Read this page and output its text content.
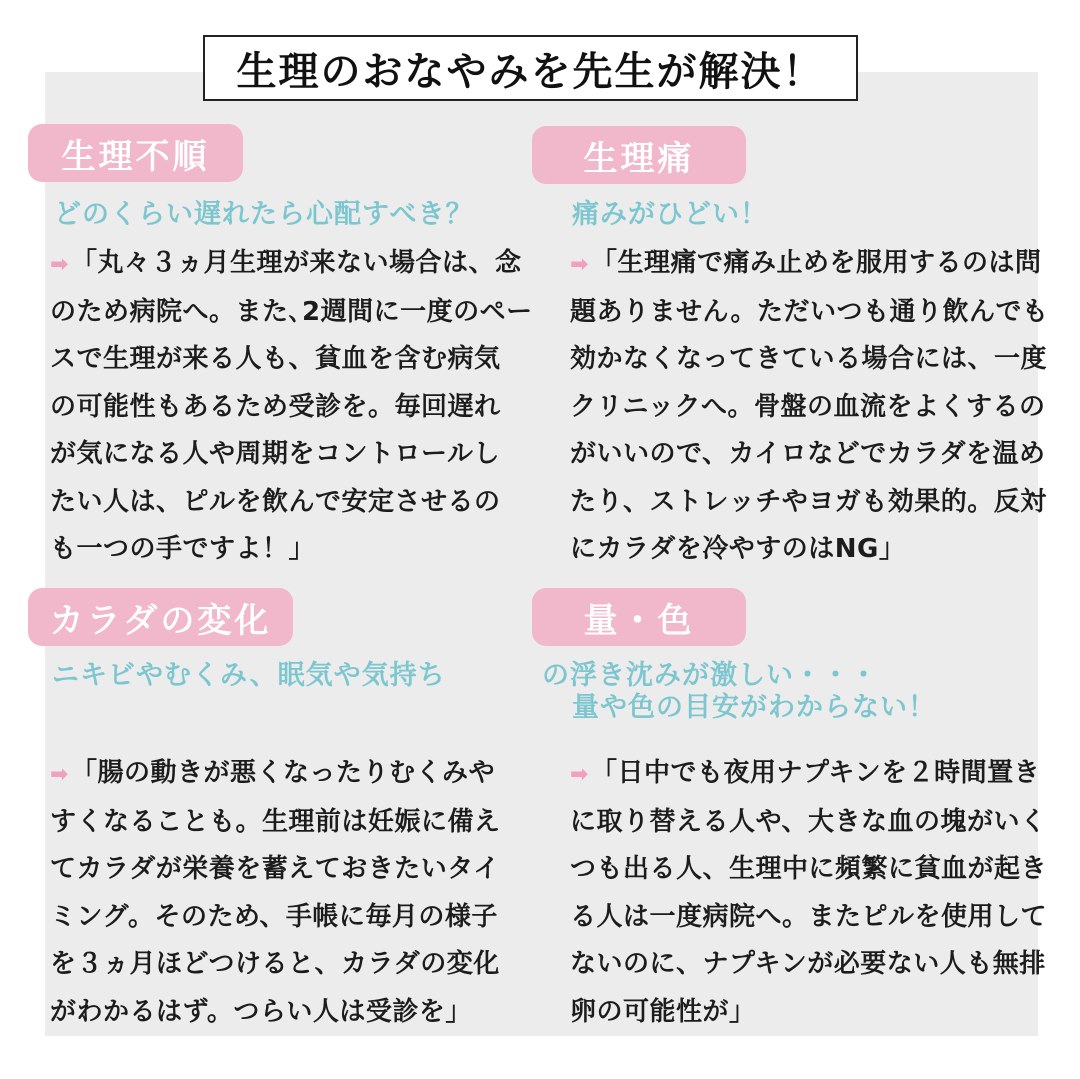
生理のおなやみを先生が解決！
生理不順
どのくらい遅れたら心配すべき？
➡「丸々３ヵ月生理が来ない場合は、念
のため病院へ。また､2週間に一度のペー
スで生理が来る人も、貧血を含む病気
の可能性もあるため受診を。毎回遅れ
が気になる人や周期をコントロールし
たい人は、ピルを飲んで安定させるの
も一つの手ですよ！」
生理痛
痛みがひどい！
➡「生理痛で痛み止めを服用するのは問
題ありません。ただいつも通り飲んでも
効かなくなってきている場合には、一度
クリニックへ。骨盤の血流をよくするの
がいいので、カイロなどでカラダを温め
たり、ストレッチやヨガも効果的。反対
にカラダを冷やすのはNG」
カラダの変化
ニキビやむくみ、眠気や気持ち	の浮き沈みが激しい・・・
➡「腸の動きが悪くなったりむくみや
すくなることも。生理前は妊娠に備え
てカラダが栄養を蓄えておきたいタイ
ミング。そのため、手帳に毎月の様子
を３ヵ月ほどつけると、カラダの変化
がわかるはず。つらい人は受診を」
量・色
量や色の目安がわからない！
➡「日中でも夜用ナプキンを２時間置き
に取り替える人や、大きな血の塊がいく
つも出る人、生理中に頻繁に貧血が起き
る人は一度病院へ。またピルを使用して
ないのに、ナプキンが必要ない人も無排
卵の可能性が」
